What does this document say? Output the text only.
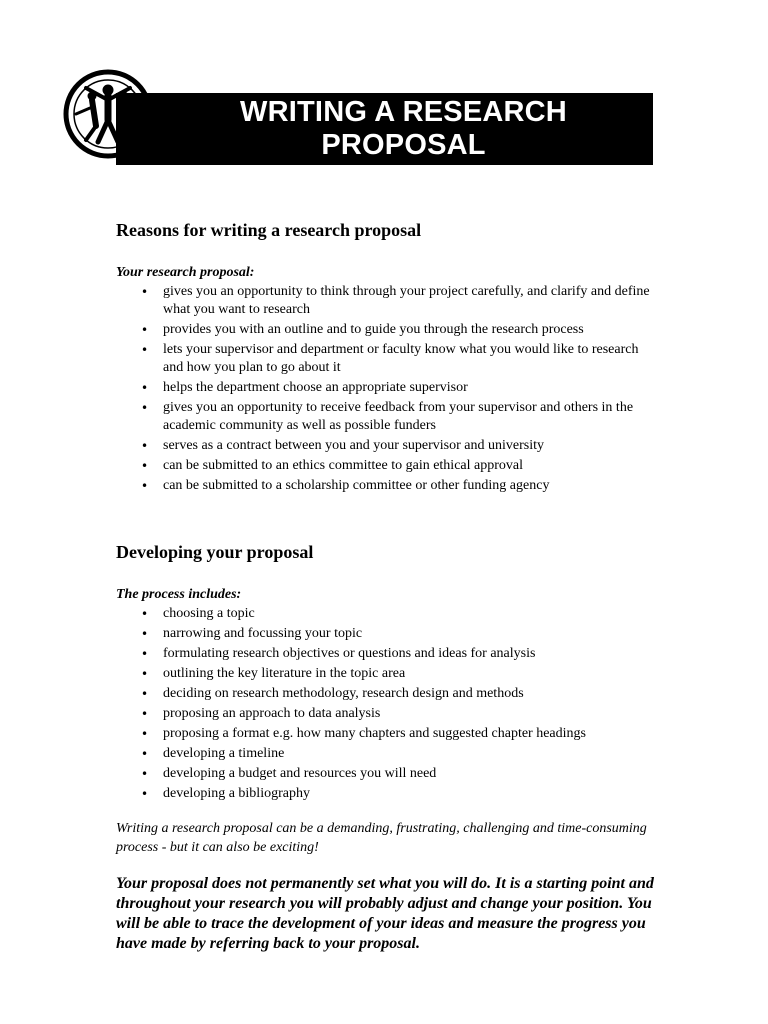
WRITING A RESEARCH
PROPOSAL
Reasons for writing a research proposal

Your research proposal:

• gives you an opportunity to think through your project carefully, and clarify and define what you want to research
• provides you with an outline and to guide you through the research process
• lets your supervisor and department or faculty know what you would like to research and how you plan to go about it
• helps the department choose an appropriate supervisor
• gives you an opportunity to receive feedback from your supervisor and others in the academic community as well as possible funders
• serves as a contract between you and your supervisor and university
• can be submitted to an ethics committee to gain ethical approval
• can be submitted to a scholarship committee or other funding agency
Developing your proposal

The process includes:

• choosing a topic
• narrowing and focussing your topic
• formulating research objectives or questions and ideas for analysis
• outlining the key literature in the topic area
• deciding on research methodology, research design and methods
• proposing an approach to data analysis
• proposing a format e.g. how many chapters and suggested chapter headings
• developing a timeline
• developing a budget and resources you will need
• developing a bibliography

Writing a research proposal can be a demanding, frustrating, challenging and time-consuming process - but it can also be exciting!

Your proposal does not permanently set what you will do. It is a starting point and throughout your research you will probably adjust and change your position. You will be able to trace the development of your ideas and measure the progress you have made by referring back to your proposal.
